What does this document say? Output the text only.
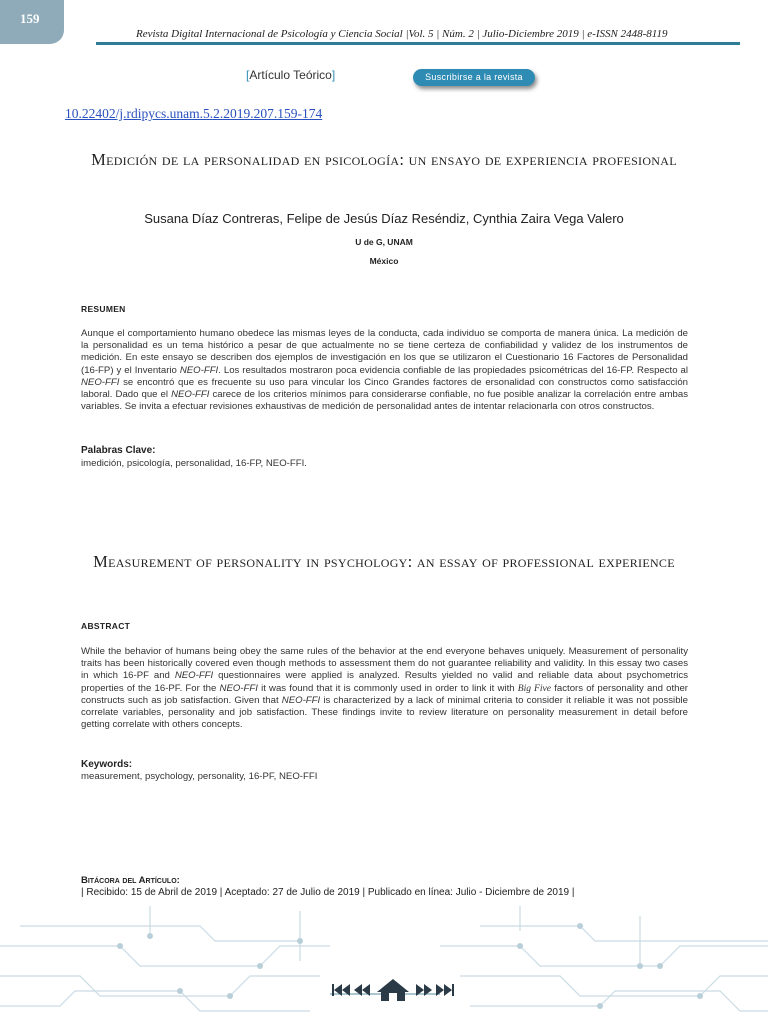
159
Revista Digital Internacional de Psicología y Ciencia Social |Vol. 5 | Núm. 2 | Julio-Diciembre 2019 | e-ISSN 2448-8119
[Artículo Teórico]	Suscribirse a la revista
10.22402/j.rdipycs.unam.5.2.2019.207.159-174
Medición de la personalidad en psicología: un ensayo de experiencia profesional
Susana Díaz Contreras, Felipe de Jesús Díaz Reséndiz, Cynthia Zaira Vega Valero
U de G, UNAM
México
RESUMEN
Aunque el comportamiento humano obedece las mismas leyes de la conducta, cada individuo se comporta de manera única. La medición de la personalidad es un tema histórico a pesar de que actualmente no se tiene certeza de confiabilidad y validez de los instrumentos de medición. En este ensayo se describen dos ejemplos de investigación en los que se utilizaron el Cuestionario 16 Factores de Personalidad (16-FP) y el Inventario NEO-FFI. Los resultados mostraron poca evidencia confiable de las propiedades psicométricas del 16-FP. Respecto al NEO-FFI se encontró que es frecuente su uso para vincular los Cinco Grandes factores de ersonalidad con constructos como satisfacción laboral. Dado que el NEO-FFI carece de los criterios mínimos para considerarse confiable, no fue posible analizar la correlación entre ambas variables. Se invita a efectuar revisiones exhaustivas de medición de personalidad antes de intentar relacionarla con otros constructos.
Palabras Clave:
imedición, psicología, personalidad, 16-FP, NEO-FFI.
Measurement of personality in psychology: an essay of professional experience
ABSTRACT
While the behavior of humans being obey the same rules of the behavior at the end everyone behaves uniquely. Measurement of personality traits has been historically covered even though methods to assessment them do not guarantee reliability and validity. In this essay two cases in which 16-PF and NEO-FFI questionnaires were applied is analyzed. Results yielded no valid and reliable data about psychometrics properties of the 16-PF. For the NEO-FFI it was found that it is commonly used in order to link it with Big Five factors of personality and other constructs such as job satisfaction. Given that NEO-FFI is characterized by a lack of minimal criteria to consider it reliable it was not possible correlate variables, personality and job satisfaction. These findings invite to review literature on personality measurement in detail before getting correlate with others concepts.
Keywords:
measurement, psychology, personality, 16-PF, NEO-FFI
Bitácora del Artículo:
| Recibido: 15 de Abril de 2019 | Aceptado: 27 de Julio de 2019 | Publicado en línea: Julio - Diciembre de 2019 |
